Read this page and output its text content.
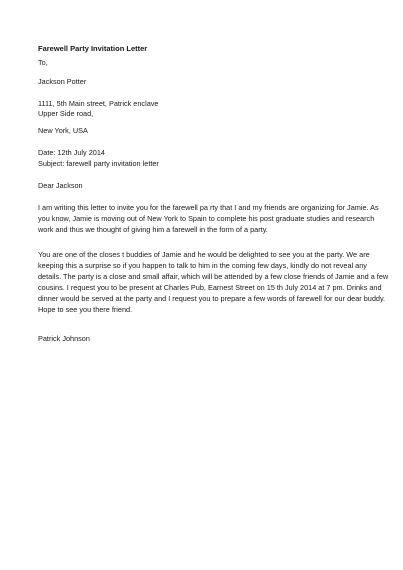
Farewell Party Invitation Letter
To,
Jackson Potter
1111, 5th Main street, Patrick enclave
Upper Side road,
New York, USA
Date: 12th July 2014
Subject: farewell party invitation letter
Dear Jackson
I am writing this letter to invite you for the farewell pa rty that I and my friends are organizing for Jamie. As
you know, Jamie is moving out of New York to Spain to complete his post graduate studies and research
work and thus we thought of giving him a farewell in the form of a party.
You are one of the closes t buddies of Jamie and he would be delighted to see you at the party. We are
keeping this a surprise so if you happen to talk to him in the coming few days, kindly do not reveal any
details. The party is a close and small affair, which will be attended by a few close friends of Jamie and a few
cousins. I request you to be present at Charles Pub, Earnest Street on 15 th July 2014 at 7 pm. Drinks and
dinner would be served at the party and I request you to prepare a few words of farewell for our dear buddy.
Hope to see you there friend.
Patrick Johnson
